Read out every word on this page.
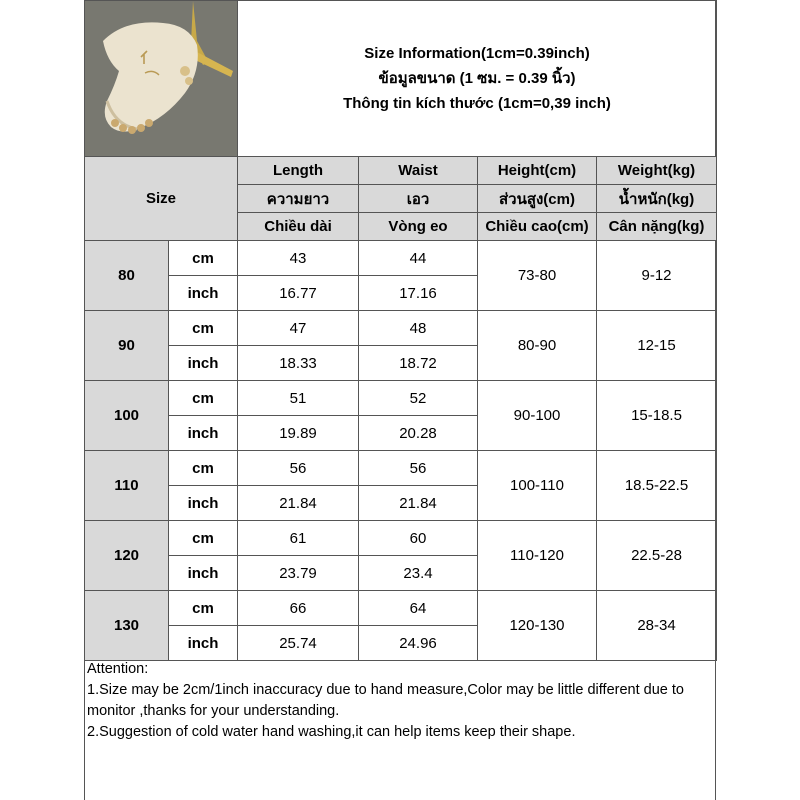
Size Information(1cm=0.39inch)
ข้อมูลขนาด (1 ซม. = 0.39 นิ้ว)
Thông tin kích thước (1cm=0,39 inch)			

Size		Length	Waist	Height(cm)	Weight(kg)
		ความยาว	เอว	ส่วนสูง(cm)	น้ำหนัก(kg)
		Chiều dài	Vòng eo	Chiều cao(cm)	Cân nặng(kg)
80	cm	43	44	73-80	9-12
	inch	16.77	17.16		
90	cm	47	48	80-90	12-15
	inch	18.33	18.72		
100	cm	51	52	90-100	15-18.5
	inch	19.89	20.28		
110	cm	56	56	100-110	18.5-22.5
	inch	21.84	21.84		
120	cm	61	60	110-120	22.5-28
	inch	23.79	23.4		
130	cm	66	64	120-130	28-34
	inch	25.74	24.96		

Attention:

1.Size may be 2cm/1inch inaccuracy due to hand measure,Color may be little different due to monitor ,thanks for your understanding.

2.Suggestion of cold water hand washing,it can help items keep their shape.
